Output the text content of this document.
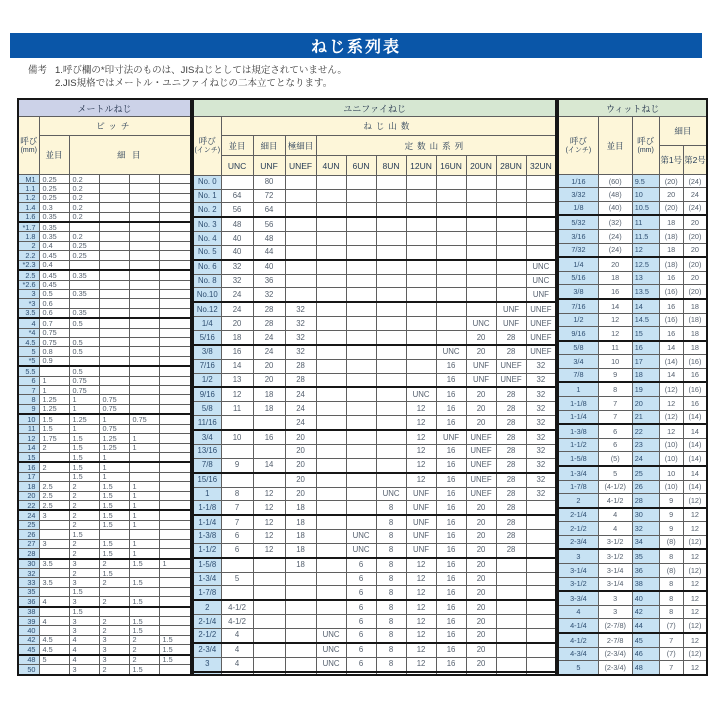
ねじ系列表
備考 1.呼び欄の*印寸法のものは、JISねじとしては規定されていません。
2.JIS規格ではメートル・ユニファイねじの二本立てとなります。
メートルねじ					

呼び
(mm)	ピッチ				
	並目	細 目			
M1	0.25	0.2			
1.1	0.25	0.2			
1.2	0.25	0.2			
1.4	0.3	0.2			
1.6	0.35	0.2			
*1.7	0.35				
1.8	0.35	0.2			
2	0.4	0.25			
2.2	0.45	0.25			
*2.3	0.4				
2.5	0.45	0.35			
*2.6	0.45				
3	0.5	0.35			
*3	0.6				
3.5	0.6	0.35			
4	0.7	0.5			
*4	0.75				
4.5	0.75	0.5			
5	0.8	0.5			
*5	0.9				
5.5		0.5			
6	1	0.75			
7	1	0.75			
8	1.25	1	0.75		
9	1.25	1	0.75		
10	1.5	1.25	1	0.75	
11	1.5	1	0.75		
12	1.75	1.5	1.25	1	
14	2	1.5	1.25	1	
15		1.5	1		
16	2	1.5	1		
17		1.5	1		
18	2.5	2	1.5	1	
20	2.5	2	1.5	1	
22	2.5	2	1.5	1	
24	3	2	1.5	1	
25		2	1.5	1	
26		1.5			
27	3	2	1.5	1	
28		2	1.5	1	
30	3.5	3	2	1.5	1
32		2	1.5		
33	3.5	3	2	1.5	
35		1.5			
36	4	3	2	1.5	
38		1.5			
39	4	3	2	1.5	
40		3	2	1.5	
42	4.5	4	3	2	1.5
45	4.5	4	3	2	1.5
48	5	4	3	2	1.5
50		3	2	1.5	
ユニファイねじ											

呼び
(インチ)	ねじ山数										
	並目	細目	極細目	定数山系列							
	UNC	UNF	UNEF	4UN	6UN	8UN	12UN	16UN	20UN	28UN	32UN
No. 0		80									
No. 1	64	72									
No. 2	56	64									
No. 3	48	56									
No. 4	40	48									
No. 5	40	44									
No. 6	32	40									UNC
No. 8	32	36									UNC
No.10	24	32									UNF
No.12	24	28	32							UNF	UNEF
1/4	20	28	32						UNC	UNF	UNEF
5/16	18	24	32						20	28	UNEF
3/8	16	24	32					UNC	20	28	UNEF
7/16	14	20	28					16	UNF	UNEF	32
1/2	13	20	28					16	UNF	UNEF	32
9/16	12	18	24				UNC	16	20	28	32
5/8	11	18	24				12	16	20	28	32
11/16			24				12	16	20	28	32
3/4	10	16	20				12	UNF	UNEF	28	32
13/16			20				12	16	UNEF	28	32
7/8	9	14	20				12	16	UNEF	28	32
15/16			20				12	16	UNEF	28	32
1	8	12	20			UNC	UNF	16	UNEF	28	32
1-1/8	7	12	18			8	UNF	16	20	28	
1-1/4	7	12	18			8	UNF	16	20	28	
1-3/8	6	12	18		UNC	8	UNF	16	20	28	
1-1/2	6	12	18		UNC	8	UNF	16	20	28	
1-5/8			18		6	8	12	16	20		
1-3/4	5				6	8	12	16	20		
1-7/8					6	8	12	16	20		
2	4-1/2				6	8	12	16	20		
2-1/4	4-1/2				6	8	12	16	20		
2-1/2	4			UNC	6	8	12	16	20		
2-3/4	4			UNC	6	8	12	16	20		
3	4			UNC	6	8	12	16	20		

ウィットねじ				

呼び
(インチ)	並目	呼び
(mm)
	細目
			第1号	第2号
1/16	(60)	9.5	(20)	(24)
3/32	(48)	10	20	24
1/8	(40)	10.5	(20)	(24)
5/32	(32)	11	18	20
3/16	(24)	11.5	(18)	(20)
7/32	(24)	12	18	20
1/4	20	12.5	(18)	(20)
5/16	18	13	16	20
3/8	16	13.5	(16)	(20)
7/16	14	14	16	18
1/2	12	14.5	(16)	(18)
9/16	12	15	16	18
5/8	11	16	14	18
3/4	10	17	(14)	(16)
7/8	9	18	14	16
1	8	19	(12)	(16)
1-1/8	7	20	12	16
1-1/4	7	21	(12)	(14)
1-3/8	6	22	12	14
1-1/2	6	23	(10)	(14)
1-5/8	(5)	24	(10)	(14)
1-3/4	5	25	10	14
1-7/8	(4-1/2)	26	(10)	(14)
2	4-1/2	28	9	(12)
2-1/4	4	30	9	12
2-1/2	4	32	9	12
2-3/4	3-1/2	34	(8)	(12)
3	3-1/2	35	8	12
3-1/4	3-1/4	36	(8)	(12)
3-1/2	3-1/4	38	8	12
3-3/4	3	40	8	12
4	3	42	8	12
4-1/4	(2-7/8)	44	(7)	(12)
4-1/2	2-7/8	45	7	12
4-3/4	(2-3/4)	46	(7)	(12)
5	(2-3/4)	48	7	12
